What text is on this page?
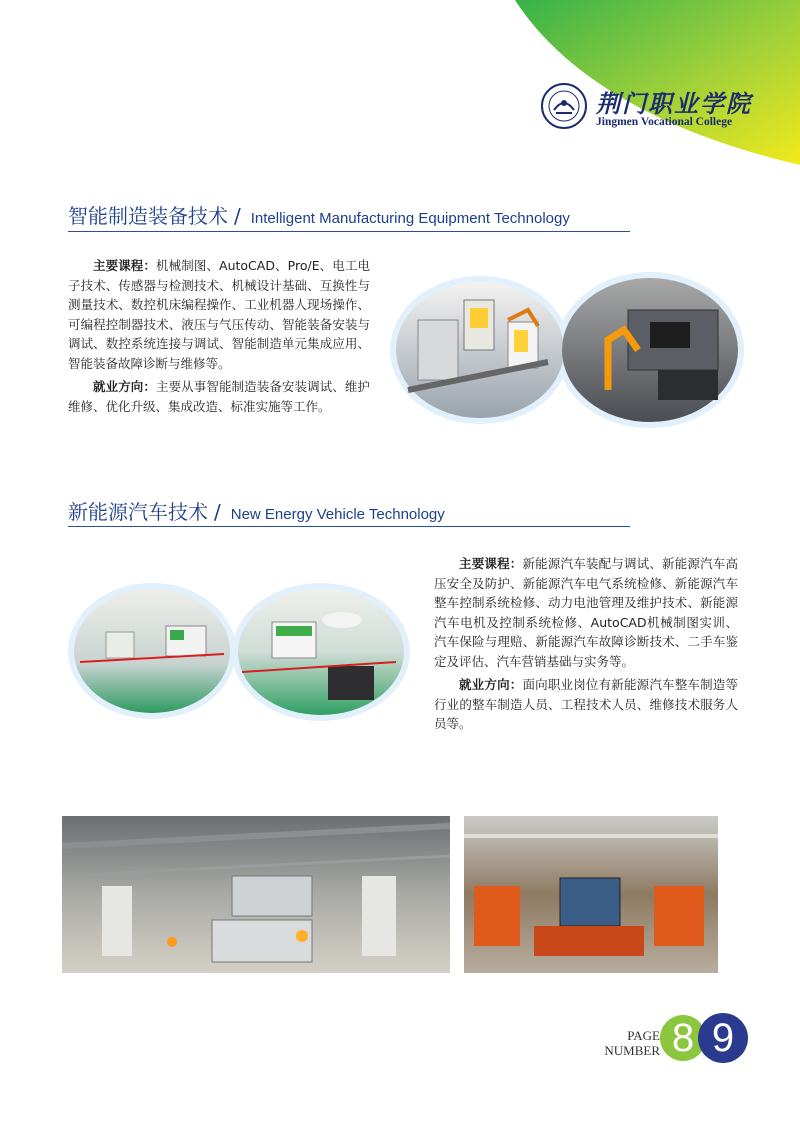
荆门职业学院
Jingmen Vocational College
智能制造装备技术 / Intelligent Manufacturing Equipment Technology

主要课程：机械制图、AutoCAD、Pro/E、电工电子技术、传感器与检测技术、机械设计基础、互换性与测量技术、数控机床编程操作、工业机器人现场操作、可编程控制器技术、液压与气压传动、智能装备安装与调试、数控系统连接与调试、智能制造单元集成应用、智能装备故障诊断与维修等。

就业方向：主要从事智能制造装备安装调试、维护维修、优化升级、集成改造、标准实施等工作。

新能源汽车技术 / New Energy Vehicle Technology

主要课程：新能源汽车装配与调试、新能源汽车高压安全及防护、新能源汽车电气系统检修、新能源汽车整车控制系统检修、动力电池管理及维护技术、新能源汽车电机及控制系统检修、AutoCAD机械制图实训、汽车保险与理赔、新能源汽车故障诊断技术、二手车鉴定及评估、汽车营销基础与实务等。

就业方向：面向职业岗位有新能源汽车整车制造等行业的整车制造人员、工程技术人员、维修技术服务人员等。

PAGE
NUMBER 8 9
